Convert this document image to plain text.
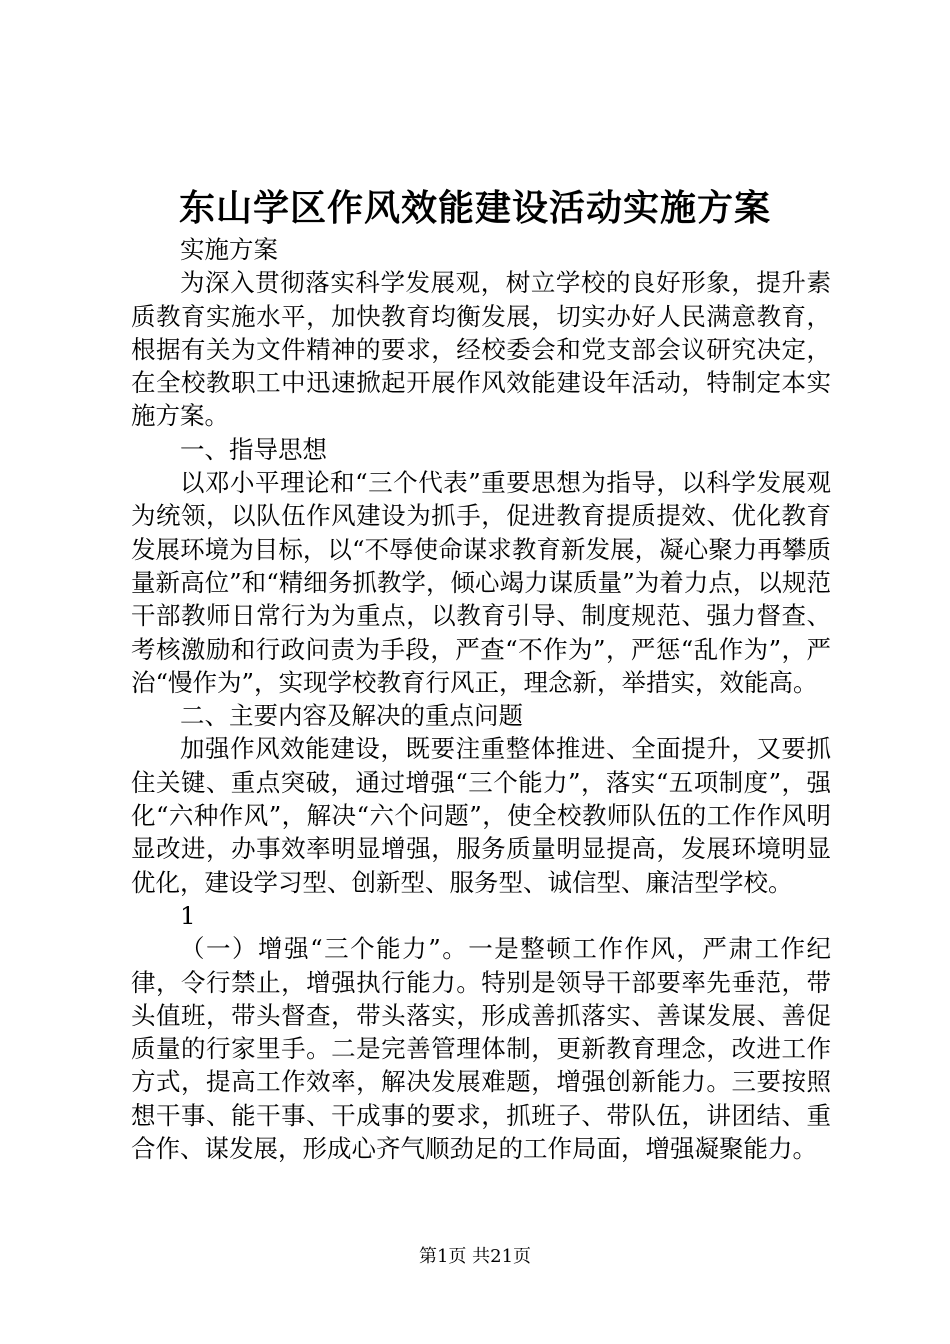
东山学区作风效能建设活动实施方案

实施方案

为深入贯彻落实科学发展观，树立学校的良好形象，提升素质教育实施水平，加快教育均衡发展，切实办好人民满意教育，根据有关为文件精神的要求，经校委会和党支部会议研究决定，在全校教职工中迅速掀起开展作风效能建设年活动，特制定本实施方案。

一、指导思想

以邓小平理论和“三个代表”重要思想为指导，以科学发展观为统领，以队伍作风建设为抓手，促进教育提质提效、优化教育发展环境为目标，以“不辱使命谋求教育新发展，凝心聚力再攀质量新高位”和“精细务抓教学，倾心竭力谋质量”为着力点，以规范干部教师日常行为为重点，以教育引导、制度规范、强力督查、考核激励和行政问责为手段，严查“不作为”，严惩“乱作为”，严治“慢作为”，实现学校教育行风正，理念新，举措实，效能高。

二、主要内容及解决的重点问题

加强作风效能建设，既要注重整体推进、全面提升，又要抓住关键、重点突破，通过增强“三个能力”，落实“五项制度”，强化“六种作风”，解决“六个问题”，使全校教师队伍的工作作风明显改进，办事效率明显增强，服务质量明显提高，发展环境明显优化，建设学习型、创新型、服务型、诚信型、廉洁型学校。

1

（一）增强“三个能力”。一是整顿工作作风，严肃工作纪律，令行禁止，增强执行能力。特别是领导干部要率先垂范，带头值班，带头督查，带头落实，形成善抓落实、善谋发展、善促质量的行家里手。二是完善管理体制，更新教育理念，改进工作方式，提高工作效率，解决发展难题，增强创新能力。三要按照想干事、能干事、干成事的要求，抓班子、带队伍，讲团结、重合作、谋发展，形成心齐气顺劲足的工作局面，增强凝聚能力。

第1页 共21页
